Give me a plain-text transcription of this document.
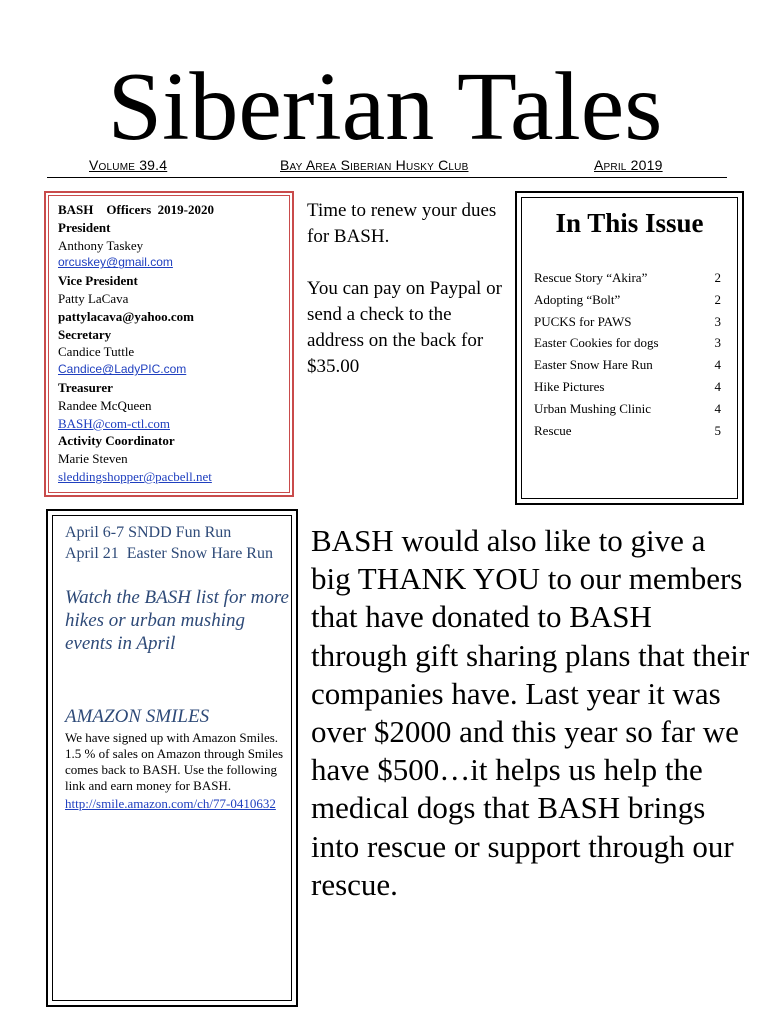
Siberian Tales
Volume 39.4	Bay Area Siberian Husky Club	April 2019
BASH    Officers  2019-2020
President
Anthony Taskey
orcuskey@gmail.com
Vice President
Patty LaCava
pattylacava@yahoo.com
Secretary
Candice Tuttle
Candice@LadyPIC.com
Treasurer
Randee McQueen
BASH@com-ctl.com
Activity Coordinator
Marie Steven
sleddingshopper@pacbell.net
Time to renew your dues for BASH.
You can pay on Paypal or send a check to the address on the back for $35.00
In This Issue
Rescue Story “Akira”	2
Adopting “Bolt”	2
PUCKS for PAWS	3
Easter Cookies for dogs	3
Easter Snow Hare Run	4
Hike Pictures	4
Urban Mushing Clinic	4
Rescue	5
April 6-7 SNDD Fun Run
April 21  Easter Snow Hare Run
Watch the BASH list for more hikes or urban mushing events in April
AMAZON SMILES
We have signed up with Amazon Smiles. 1.5 % of sales on Amazon through Smiles comes back to BASH. Use the following link and earn money for BASH.
http://smile.amazon.com/ch/77-0410632
BASH would also like to give a big THANK YOU to our members that have donated to BASH through gift sharing plans that their companies have. Last year it was over $2000 and this year so far we have $500…it helps us help the medical dogs that BASH brings into rescue or support through our rescue.
